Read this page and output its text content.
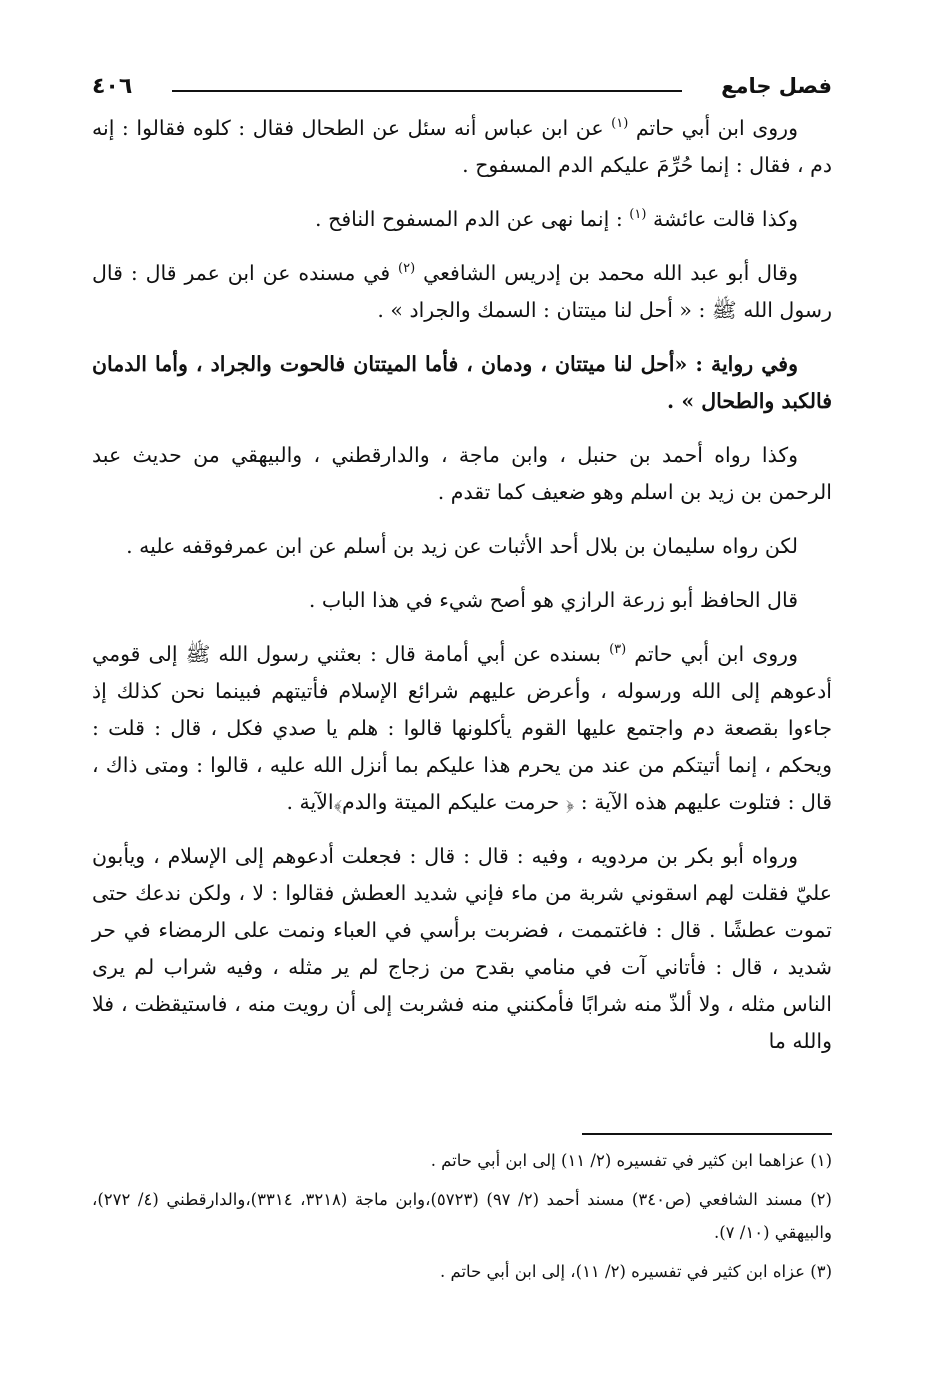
٤٠٦	فصل جامع

وروى ابن أبي حاتم $^{(١)}$ عن ابن عباس أنه سئل عن الطحال فقال : كلوه فقالوا : إنه دم ، فقال : إنما حُرِّمَ عليكم الدم المسفوح .

وكذا قالت عائشة $^{(١)}$ : إنما نهى عن الدم المسفوح النافح .

وقال أبو عبد الله محمد بن إدريس الشافعي $^{(٢)}$ في مسنده عن ابن عمر قال : قال رسول الله ﷺ : « أحل لنا ميتتان : السمك والجراد » .

وفي رواية : «أحل لنا ميتتان ، ودمان ، فأما الميتتان فالحوت والجراد ، وأما الدمان فالكبد والطحال » .

وكذا رواه أحمد بن حنبل ، وابن ماجة ، والدارقطني ، والبيهقي من حديث عبد الرحمن بن زيد بن اسلم وهو ضعيف كما تقدم .

لكن رواه سليمان بن بلال أحد الأثبات عن زيد بن أسلم عن ابن عمرفوقفه عليه .

قال الحافظ أبو زرعة الرازي هو أصح شيء في هذا الباب .

وروى ابن أبي حاتم $^{(٣)}$ بسنده عن أبي أمامة قال : بعثني رسول الله ﷺ إلى قومي أدعوهم إلى الله ورسوله ، وأعرض عليهم شرائع الإسلام فأتيتهم فبينما نحن كذلك إذ جاءوا بقصعة دم واجتمع عليها القوم يأكلونها قالوا : هلم يا صدي فكل ، قال : قلت : ويحكم ، إنما أتيتكم من عند من يحرم هذا عليكم بما أنزل الله عليه ، قالوا : ومتى ذاك ، قال : فتلوت عليهم هذه الآية : ﴿ حرمت عليكم الميتة والدم﴾الآية .

ورواه أبو بكر بن مردويه ، وفيه : قال : قال : فجعلت أدعوهم إلى الإسلام ، ويأبون عليّ فقلت لهم اسقوني شربة من ماء فإني شديد العطش فقالوا : لا ، ولكن ندعك حتى تموت عطشًا . قال : فاغتممت ، فضربت برأسي في العباء ونمت على الرمضاء في حر شديد ، قال : فأتاني آت في منامي بقدح من زجاج لم ير مثله ، وفيه شراب لم يرى الناس مثله ، ولا ألذّ منه شرابًا فأمكنني منه فشربت إلى أن رويت منه ، فاستيقظت ، فلا والله ما

(١) عزاهما ابن كثير في تفسيره (٢/ ١١) إلى ابن أبي حاتم .
(٢) مسند الشافعي (ص٣٤٠) مسند أحمد (٢/ ٩٧) (٥٧٢٣)،وابن ماجة (٣٢١٨، ٣٣١٤)،والدارقطني (٤/ ٢٧٢)، والبيهقي (١٠/ ٧).
(٣) عزاه ابن كثير في تفسيره (٢/ ١١)، إلى ابن أبي حاتم .
